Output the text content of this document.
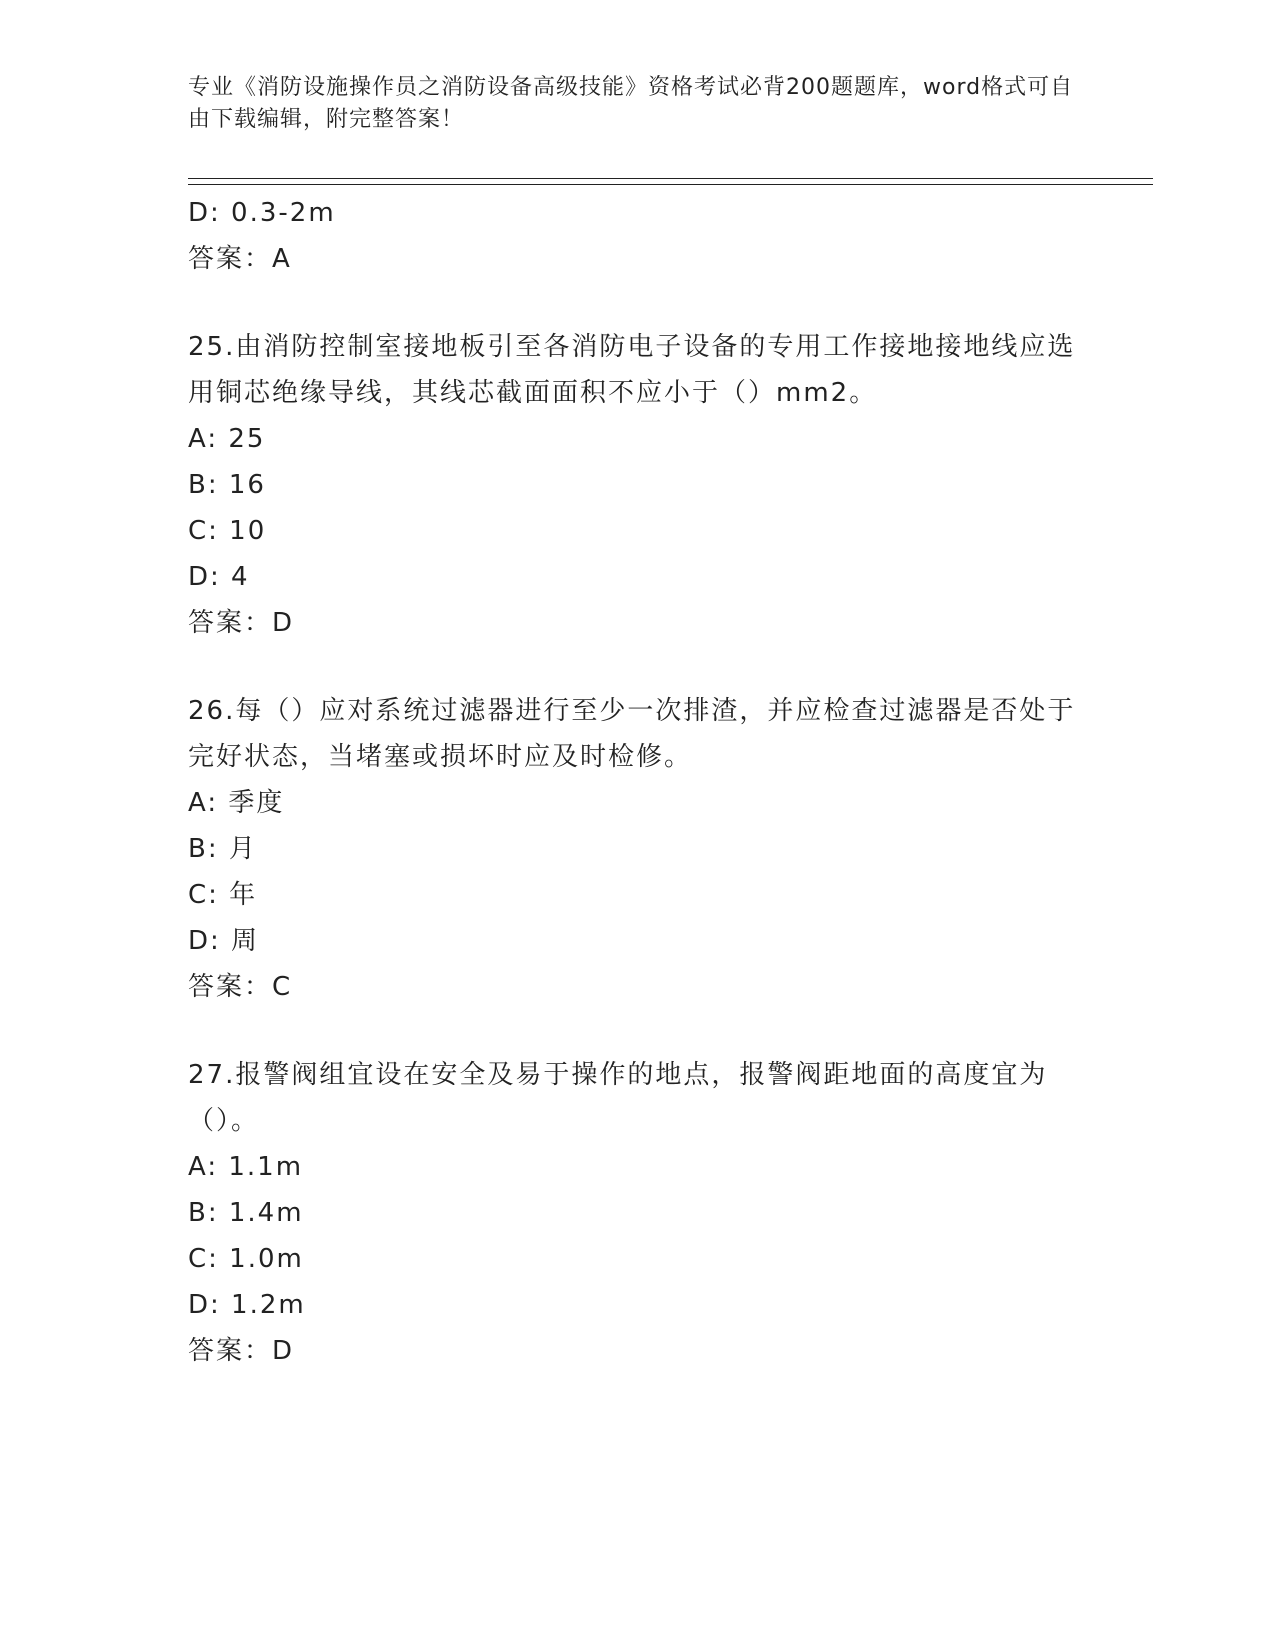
专业《消防设施操作员之消防设备高级技能》资格考试必背200题题库，word格式可自由下载编辑，附完整答案！
D: 0.3-2m
答案：A
25.由消防控制室接地板引至各消防电子设备的专用工作接地接地线应选用铜芯绝缘导线，其线芯截面面积不应小于（）mm2。
A: 25
B: 16
C: 10
D: 4
答案：D
26.每（）应对系统过滤器进行至少一次排渣，并应检查过滤器是否处于完好状态，当堵塞或损坏时应及时检修。
A: 季度
B: 月
C: 年
D: 周
答案：C
27.报警阀组宜设在安全及易于操作的地点，报警阀距地面的高度宜为（）。
A: 1.1m
B: 1.4m
C: 1.0m
D: 1.2m
答案：D
